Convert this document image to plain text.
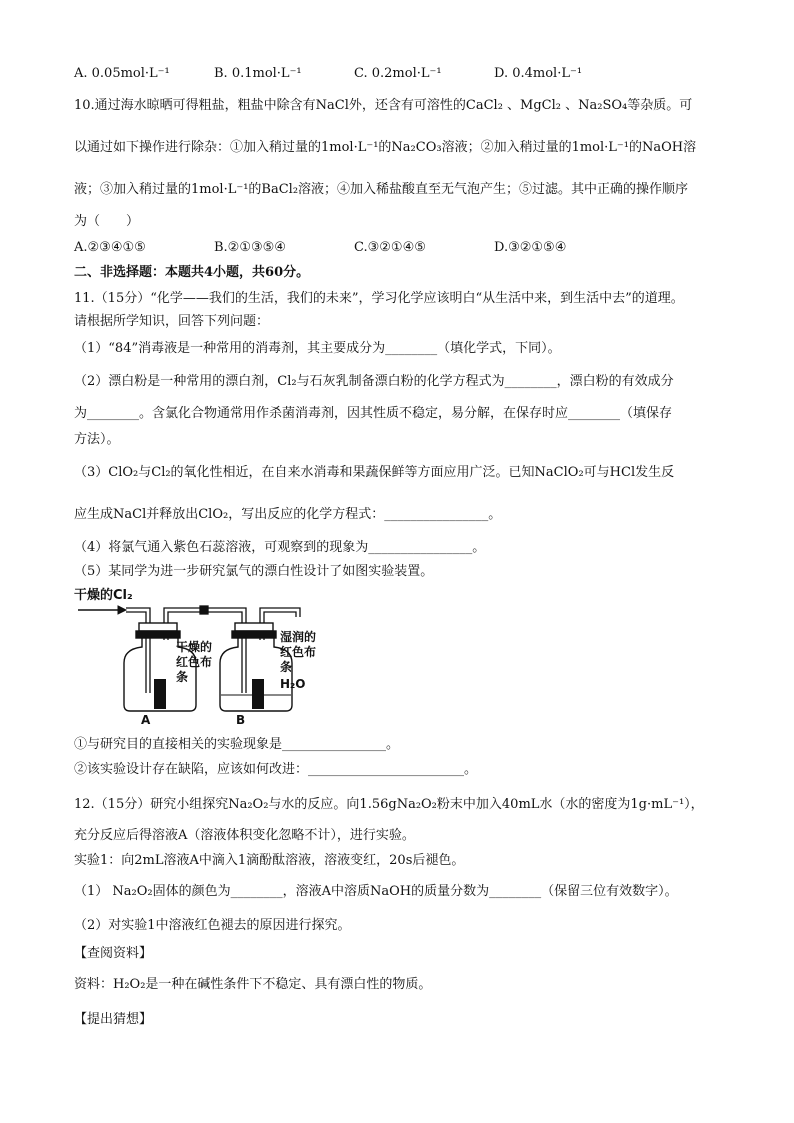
A. 0.05mol·L⁻¹	B. 0.1mol·L⁻¹	C. 0.2mol·L⁻¹	D. 0.4mol·L⁻¹
10.通过海水晾晒可得粗盐，粗盐中除含有NaCl外，还含有可溶性的CaCl₂ 、MgCl₂ 、Na₂SO₄等杂质。可
以通过如下操作进行除杂：①加入稍过量的1mol·L⁻¹的Na₂CO₃溶液；②加入稍过量的1mol·L⁻¹的NaOH溶
液；③加入稍过量的1mol·L⁻¹的BaCl₂溶液；④加入稀盐酸直至无气泡产生；⑤过滤。其中正确的操作顺序
为（　　）
A.②③④①⑤	B.②①③⑤④	C.③②①④⑤	D.③②①⑤④
二、非选择题：本题共4小题，共60分。
11.（15分）“化学——我们的生活，我们的未来”，学习化学应该明白“从生活中来，到生活中去”的道理。
请根据所学知识，回答下列问题：
（1）“84”消毒液是一种常用的消毒剂，其主要成分为________（填化学式，下同）。
（2）漂白粉是一种常用的漂白剂，Cl₂与石灰乳制备漂白粉的化学方程式为________，漂白粉的有效成分
为________。含氯化合物通常用作杀菌消毒剂，因其性质不稳定，易分解，在保存时应________（填保存
方法）。
（3）ClO₂与Cl₂的氧化性相近，在自来水消毒和果蔬保鲜等方面应用广泛。已知NaClO₂可与HCl发生反
应生成NaCl并释放出ClO₂，写出反应的化学方程式：________________。
（4）将氯气通入紫色石蕊溶液，可观察到的现象为________________。
（5）某同学为进一步研究氯气的漂白性设计了如图实验装置。
干燥的Cl₂
干燥的
红色布
条
湿润的
红色布
条
H₂O
A	B
①与研究目的直接相关的实验现象是________________。
②该实验设计存在缺陷，应该如何改进：________________________。
12.（15分）研究小组探究Na₂O₂与水的反应。向1.56gNa₂O₂粉末中加入40mL水（水的密度为1g·mL⁻¹），
充分反应后得溶液A（溶液体积变化忽略不计），进行实验。
实验1：向2mL溶液A中滴入1滴酚酞溶液，溶液变红，20s后褪色。
（1） Na₂O₂固体的颜色为________，溶液A中溶质NaOH的质量分数为________（保留三位有效数字）。
（2）对实验1中溶液红色褪去的原因进行探究。
【查阅资料】
资料：H₂O₂是一种在碱性条件下不稳定、具有漂白性的物质。
【提出猜想】
